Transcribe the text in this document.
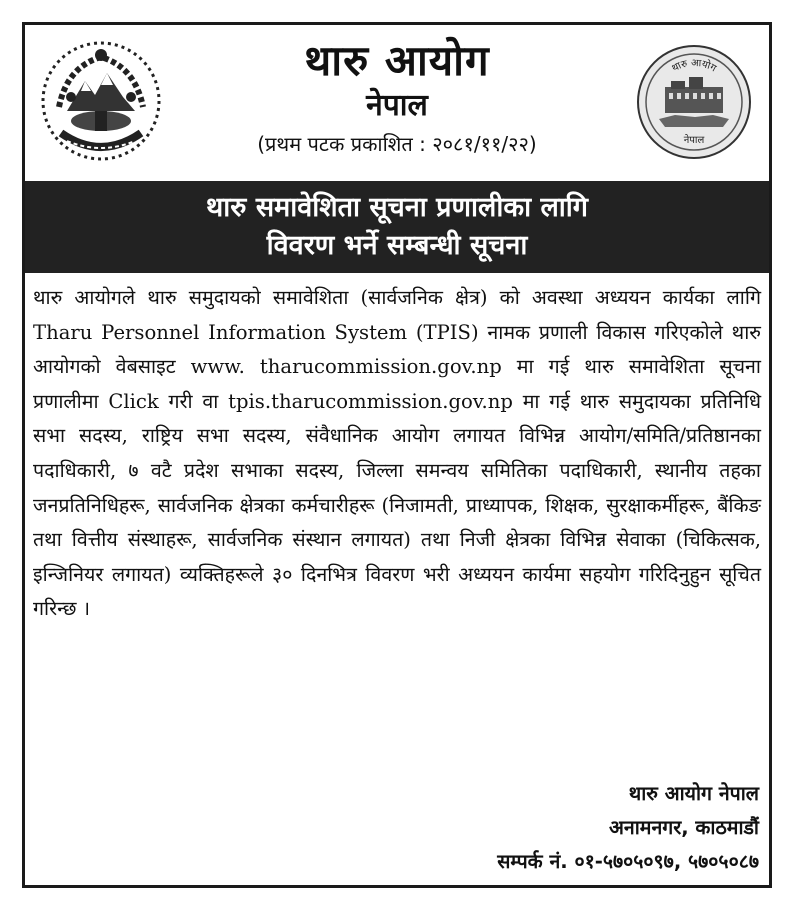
थारु आयोग
नेपाल
(प्रथम पटक प्रकाशित : २०८१/११/२२)
थारु आयोग
नेपाल
थारु समावेशिता सूचना प्रणालीका लागि
विवरण भर्ने सम्बन्धी सूचना
थारु आयोगले थारु समुदायको समावेशिता (सार्वजनिक क्षेत्र) को अवस्था अध्ययन कार्यका लागि Tharu Personnel Information System (TPIS) नामक प्रणाली विकास गरिएकोले थारु आयोगको वेबसाइट www. tharucommission.gov.np मा गई थारु समावेशिता सूचना प्रणालीमा Click गरी वा tpis.tharucommission.gov.np मा गई थारु समुदायका प्रतिनिधि सभा सदस्य, राष्ट्रिय सभा सदस्य, संवैधानिक आयोग लगायत विभिन्न आयोग/समिति/प्रतिष्ठानका पदाधिकारी, ७ वटै प्रदेश सभाका सदस्य, जिल्ला समन्वय समितिका पदाधिकारी, स्थानीय तहका जनप्रतिनिधिहरू, सार्वजनिक क्षेत्रका कर्मचारीहरू (निजामती, प्राध्यापक, शिक्षक, सुरक्षाकर्मीहरू, बैंकिङ तथा वित्तीय संस्थाहरू, सार्वजनिक संस्थान लगायत) तथा निजी क्षेत्रका विभिन्न सेवाका (चिकित्सक, इन्जिनियर लगायत) व्यक्तिहरूले ३० दिनभित्र विवरण भरी अध्ययन कार्यमा सहयोग गरिदिनुहुन सूचित गरिन्छ ।
थारु आयोग नेपाल
अनामनगर, काठमाडौं
सम्पर्क नं. ०१-५७०५०९७, ५७०५०८७
